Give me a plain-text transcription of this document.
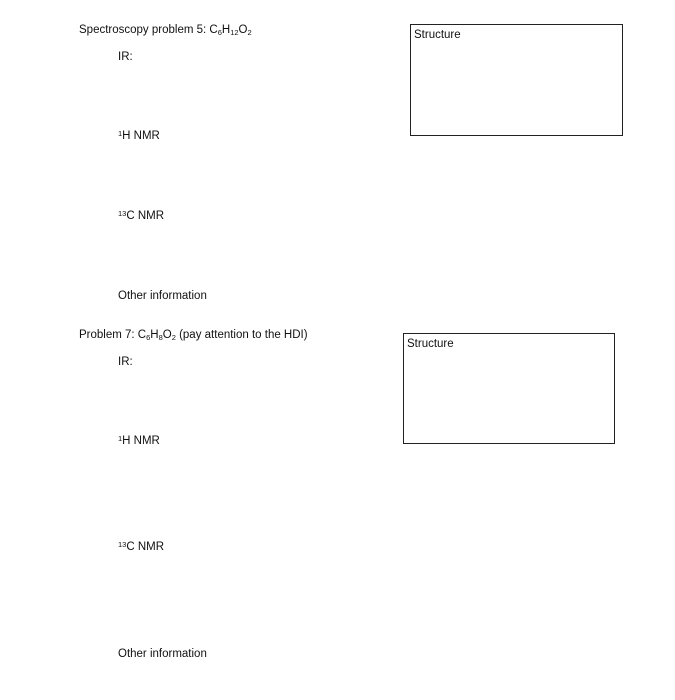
Spectroscopy problem 5: $C_6H_{12}O_2$
IR:
$^1$H NMR
$^{13}$C NMR
Other information
Structure
Problem 7: $C_6H_8O_2$ (pay attention to the HDI)
IR:
$^1$H NMR
$^{13}$C NMR
Other information
Structure
